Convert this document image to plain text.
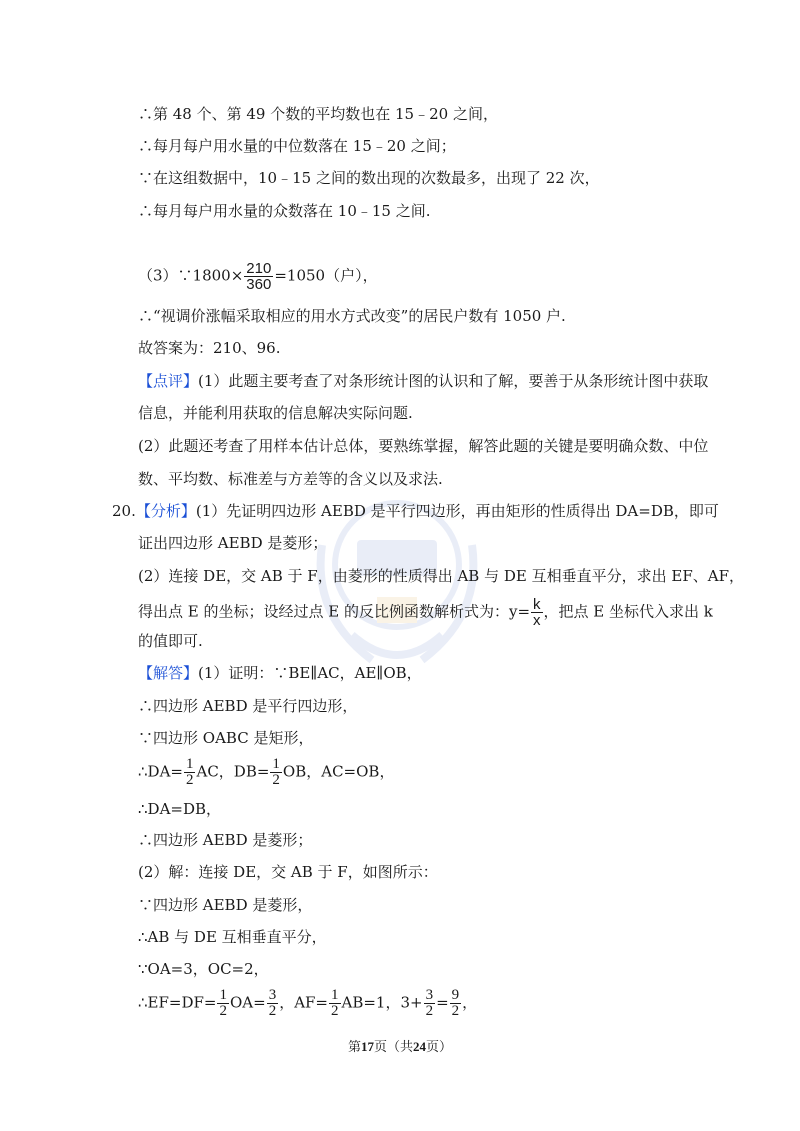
∴第 48 个、第 49 个数的平均数也在 15﹣20 之间，
∴每月每户用水量的中位数落在 15﹣20 之间；
∵在这组数据中，10﹣15 之间的数出现的次数最多，出现了 22 次，
∴每月每户用水量的众数落在 10﹣15 之间.
（3）∵1800× $\frac{210}{360} =1050$（户），
∴“视调价涨幅采取相应的用水方式改变”的居民户数有 1050 户.
故答案为：210、96.
【点评】(1）此题主要考查了对条形统计图的认识和了解，要善于从条形统计图中获取
信息，并能利用获取的信息解决实际问题.
(2）此题还考查了用样本估计总体，要熟练掌握，解答此题的关键是要明确众数、中位
数、平均数、标准差与方差等的含义以及求法.
20.【分析】(1）先证明四边形 AEBD 是平行四边形，再由矩形的性质得出 DA=DB，即可
证出四边形 AEBD 是菱形；
(2）连接 DE，交 AB 于 F，由菱形的性质得出 AB 与 DE 互相垂直平分，求出 EF、AF，
得出点 E 的坐标；设经过点 E 的反比例函数解析式为：$y= \frac{k}{x}$ ，把点 E 坐标代入求出 k
的值即可.
【解答】(1）证明：∵BE∥AC，AE∥OB，
∴四边形 AEBD 是平行四边形，
∵四边形 OABC 是矩形，
∴DA= $\frac{1}{2}$ AC，$DB= \frac{1}{2}$ OB，AC=OB，
∴DA=DB，
∴四边形 AEBD 是菱形；
(2）解：连接 DE，交 AB 于 F，如图所示：
∵四边形 AEBD 是菱形，
∴AB 与 DE 互相垂直平分，
∵OA=3，OC=2，
∴EF=DF= $\frac{1}{2} OA= \frac{3}{2}$ ，$AF= \frac{1}{2} AB=1$，$3+ \frac{3}{2} = \frac{9}{2}$ ，
第17页（共24页）
